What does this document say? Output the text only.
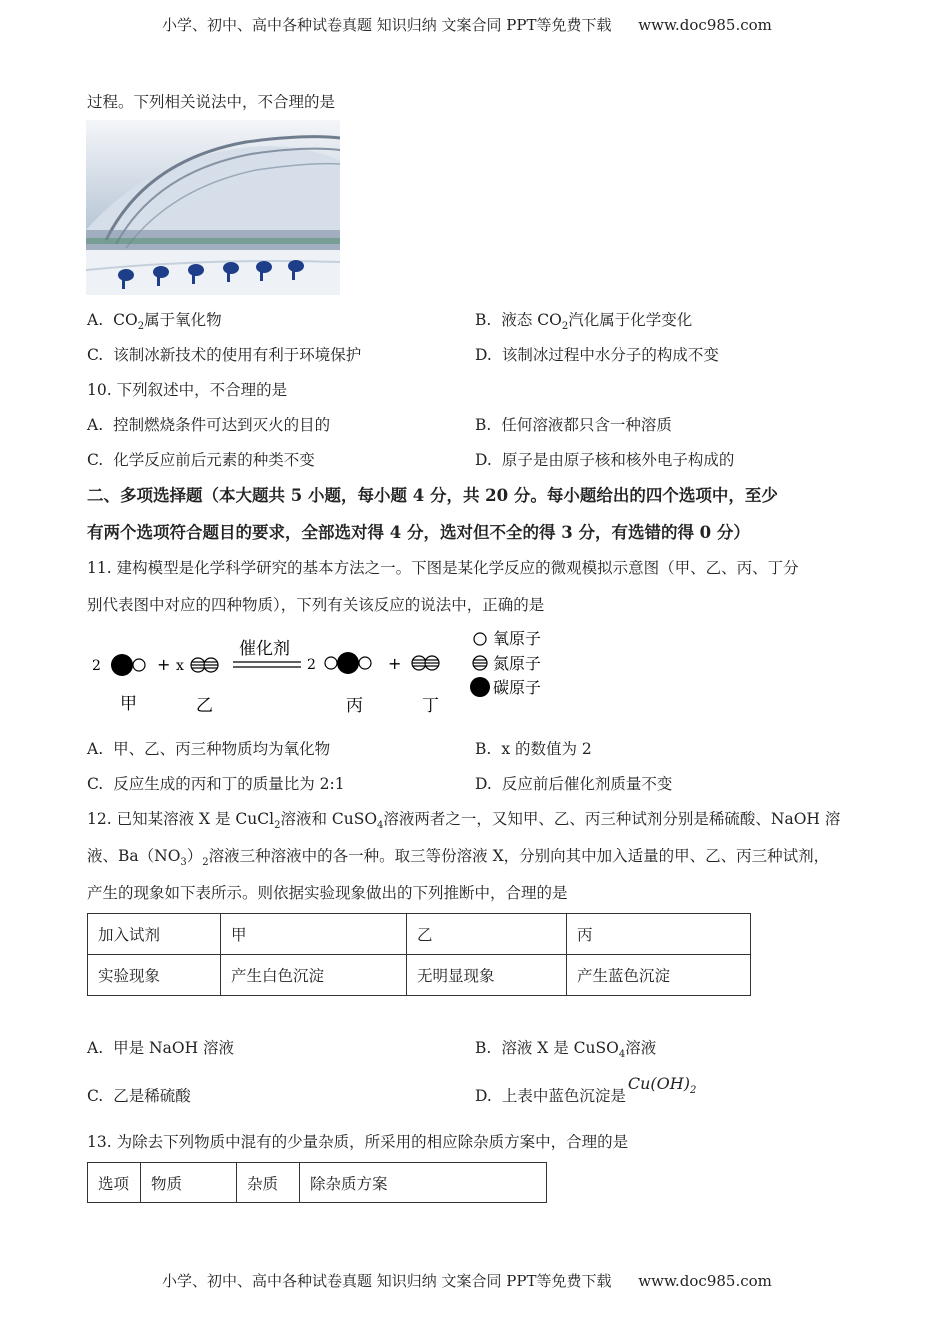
小学、初中、高中各种试卷真题 知识归纳 文案合同 PPT等免费下载 www.doc985.com
过程。下列相关说法中，不合理的是
A. $CO_2$属于氧化物	B. 液态 $CO_2$汽化属于化学变化
C. 该制冰新技术的使用有利于环境保护	D. 该制冰过程中水分子的构成不变
10. 下列叙述中，不合理的是
A. 控制燃烧条件可达到灭火的目的	B. 任何溶液都只含一种溶质
C. 化学反应前后元素的种类不变	D. 原子是由原子核和核外电子构成的
二、多项选择题（本大题共 5 小题，每小题 4 分，共 20 分。每小题给出的四个选项中，至少
有两个选项符合题目的要求，全部选对得 4 分，选对但不全的得 3 分，有选错的得 0 分）
11. 建构模型是化学科学研究的基本方法之一。下图是某化学反应的微观模拟示意图（甲、乙、丙、丁分
别代表图中对应的四种物质），下列有关该反应的说法中，正确的是
2	+ x
催化剂
2	+
甲	乙	丙	丁
氧原子
氮原子
碳原子
A. 甲、乙、丙三种物质均为氧化物	B. x 的数值为 2
C. 反应生成的丙和丁的质量比为 2:1	D. 反应前后催化剂质量不变
12. 已知某溶液 X 是 CuCl$_2$溶液和 CuSO$_4$溶液两者之一，又知甲、乙、丙三种试剂分别是稀硫酸、NaOH 溶
液、$Ba(NO_3)_2$溶液三种溶液中的各一种。取三等份溶液 X，分别向其中加入适量的甲、乙、丙三种试剂，
产生的现象如下表所示。则依据实验现象做出的下列推断中，合理的是
加入试剂	甲	乙	丙
实验现象	产生白色沉淀	无明显现象	产生蓝色沉淀
A. 甲是 NaOH 溶液	B. 溶液 X 是 CuSO$_4$溶液
C. 乙是稀硫酸	D. 上表中蓝色沉淀是$Cu(OH)_2$
13. 为除去下列物质中混有的少量杂质，所采用的相应除杂质方案中，合理的是
选项	物质	杂质	除杂质方案
小学、初中、高中各种试卷真题 知识归纳 文案合同 PPT等免费下载 www.doc985.com
